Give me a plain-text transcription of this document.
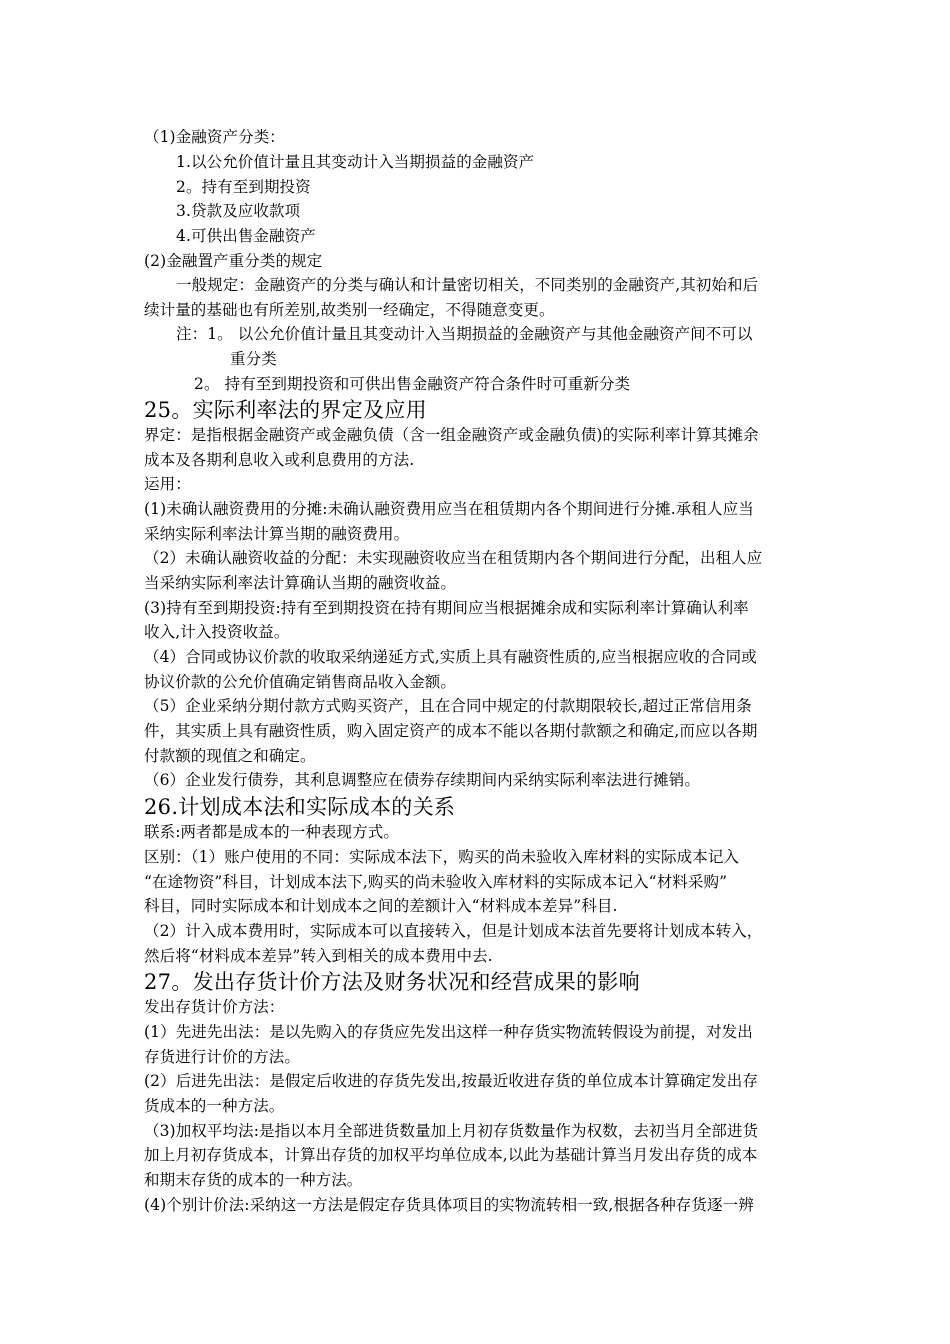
（1)金融资产分类：
1.以公允价值计量且其变动计入当期损益的金融资产
2。持有至到期投资
3.贷款及应收款项
4.可供出售金融资产
(2)金融置产重分类的规定
一般规定：金融资产的分类与确认和计量密切相关，不同类别的金融资产,其初始和后
续计量的基础也有所差别,故类别一经确定，不得随意变更。
注：1。 以公允价值计量且其变动计入当期损益的金融资产与其他金融资产间不可以
重分类
2。 持有至到期投资和可供出售金融资产符合条件时可重新分类
25。实际利率法的界定及应用
界定：是指根据金融资产或金融负债（含一组金融资产或金融负债)的实际利率计算其摊余
成本及各期利息收入或利息费用的方法.
运用：
(1)未确认融资费用的分摊:未确认融资费用应当在租赁期内各个期间进行分摊.承租人应当
采纳实际利率法计算当期的融资费用。
（2）未确认融资收益的分配：未实现融资收应当在租赁期内各个期间进行分配，出租人应
当采纳实际利率法计算确认当期的融资收益。
(3)持有至到期投资:持有至到期投资在持有期间应当根据摊余成和实际利率计算确认利率
收入,计入投资收益。
（4）合同或协议价款的收取采纳递延方式,实质上具有融资性质的,应当根据应收的合同或
协议价款的公允价值确定销售商品收入金额。
（5）企业采纳分期付款方式购买资产，且在合同中规定的付款期限较长,超过正常信用条
件，其实质上具有融资性质，购入固定资产的成本不能以各期付款额之和确定,而应以各期
付款额的现值之和确定。
（6）企业发行债券，其利息调整应在债券存续期间内采纳实际利率法进行摊销。
26.计划成本法和实际成本的关系
联系:两者都是成本的一种表现方式。
区别：（1）账户使用的不同：实际成本法下，购买的尚未验收入库材料的实际成本记入
“在途物资”科目，计划成本法下,购买的尚未验收入库材料的实际成本记入“材料采购”
科目，同时实际成本和计划成本之间的差额计入“材料成本差异”科目.
（2）计入成本费用时，实际成本可以直接转入，但是计划成本法首先要将计划成本转入，
然后将“材料成本差异”转入到相关的成本费用中去.
27。发出存货计价方法及财务状况和经营成果的影响
发出存货计价方法：
(1）先进先出法：是以先购入的存货应先发出这样一种存货实物流转假设为前提，对发出
存货进行计价的方法。
(2）后进先出法：是假定后收进的存货先发出,按最近收进存货的单位成本计算确定发出存
货成本的一种方法。
（3)加权平均法:是指以本月全部进货数量加上月初存货数量作为权数，去初当月全部进货
加上月初存货成本，计算出存货的加权平均单位成本,以此为基础计算当月发出存货的成本
和期末存货的成本的一种方法。
(4)个别计价法:采纳这一方法是假定存货具体项目的实物流转相一致,根据各种存货逐一辨
